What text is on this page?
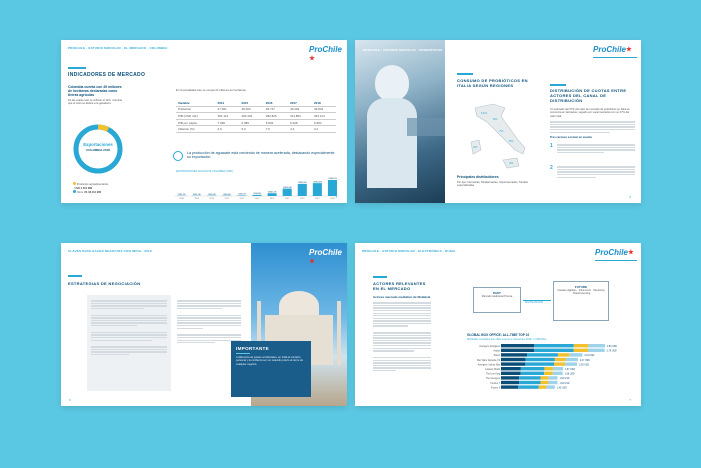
PROCHILE · ESTUDIO MODULAR · EL MERCADO · COLOMBIA	ProChile
INDICADORES DE MERCADO
Colombia cuenta con 49 millones de hectáreas declaradas como tierras agrícolas
De las cuales solo se cultivan el 14%, mientras que el resto se dedica a la ganadería.
Exportaciones
COLOMBIA 2018
Productos agroalimentarios
USD 3.652 MM
Otros US 38.164 MM
En la actualidad solo se ocupan 8 millones de hectáreas
Variable	2014	2015	2016	2017	2018
Población	47.661	48.203	48.747	49.292	49.834
PIB (USD mill.)	381.112	293.492	282.825	311.884	333.114
PIB per cápita	7.996	6.089	5.802	6.328	6.684
Inflación (%)	2,9	5,0	7,5	4,3	3,2
La producción de aguacate está creciendo de manera acelerada, destacando especialmente su exportación
EXPORTACIONES AGUACATE COLOMBIA (USD)
US$1,1M
2008
US$1,2M
2009
US$1,4M
2010
US$1,6M
2011
US$2,1M
2012
US$4,8M
2013
US$11,5M
2014
US$30,9M
2015
US$50,4M
2016
US$53,6M
2017
US$66,7M
2018 4
PROCHILE · ESTUDIO MODULAR · PROBIÓTICOS · ITALIA	ProChile
CONSUMO DE PROBIÓTICOS EN ITALIA SEGÚN REGIONES
12%
9%
7%
5%
3%
4%
Principales distribuidores
Por tipo: Farmacias, Parafarmacias, Supermercados, Tiendas especializadas
DISTRIBUCIÓN DE CUOTAS ENTRE ACTORES DEL CANAL DE DISTRIBUCIÓN
Un estimado del 57% del valor de mercado de probióticos en Italia se concentra en farmacias, seguido por supermercados con un 27% del valor total.
Tres razones a tomar en cuenta
1
2
5
CLAVES PARA HACER NEGOCIOS CON INDIA · 2019	ProChile
ESTRATEGIAS DE NEGOCIACIÓN
IMPORTANTE
A diferencia de países occidentales, en India el contacto personal y la confianza son un requisito previo al cierre de cualquier negocio.
6
PROCHILE · ESTUDIO MODULAR · ELECTRÓNICA · RUSIA	ProChile
ACTORES RELEVANTES EN EL MERCADO
Actores mercado mediático de Moldavia
PAST
Mercado tradicional Prensa
DIGITALIZACIÓN
FUTURE
Canales digitales · Influencers · Streaming · Brand licensing
GLOBAL BOX OFFICE: ALL-TIME TOP 10
Worldwide cumulative box office revenue in September 2019, in US$ billion
Avengers: Endgame	2,80 USD
Avatar	2,79 USD
Titanic	2,19 USD
Star Wars: Episode VII	2,07 USD
Avengers: Infinity War	2,05 USD
Jurassic World	1,67 USD
The Lion King	1,66 USD
The Avengers	1,52 USD
Furious 7	1,52 USD
Frozen II	1,45 USD
7
